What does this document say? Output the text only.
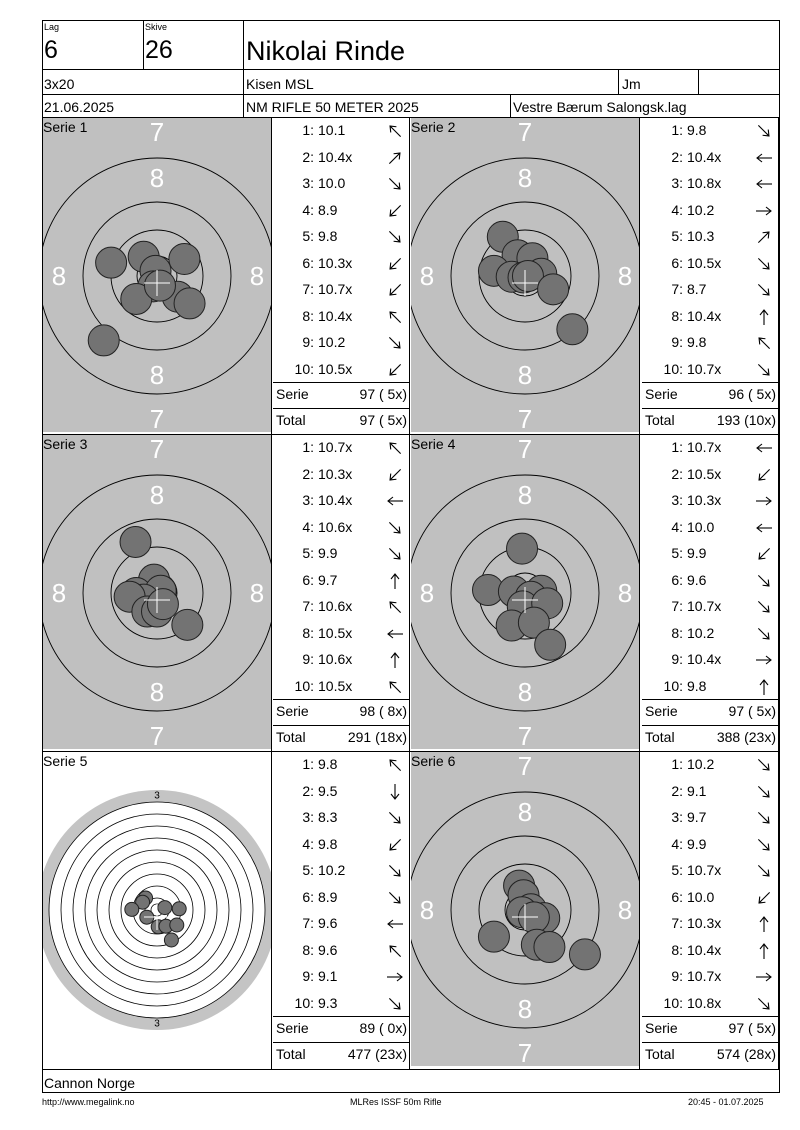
Lag
6
Skive
26	Nikolai Rinde
3x20	Kisen MSL	Jm
21.06.2025	NM RIFLE 50 METER 2025	Vestre Bærum Salongsk.lag
7
8
8	8
8
7
Serie 1	1: 10.1
2: 10.4x
3: 10.0
4: 8.9
5: 9.8
6: 10.3x
7: 10.7x
8: 10.4x
9: 10.2
10: 10.5x
Serie	97 ( 5x)
Total	97 ( 5x)
7
8
8	8
8
7
Serie 2	1: 9.8
2: 10.4x
3: 10.8x
4: 10.2
5: 10.3
6: 10.5x
7: 8.7
8: 10.4x
9: 9.8
10: 10.7x
Serie	96 ( 5x)
Total	193 (10x)
7
8
8	8
8
7
Serie 3	1: 10.7x
2: 10.3x
3: 10.4x
4: 10.6x
5: 9.9
6: 9.7
7: 10.6x
8: 10.5x
9: 10.6x
10: 10.5x
Serie	98 ( 8x)
Total	291 (18x)
7
8
8	8
8
7
Serie 4	1: 10.7x
2: 10.5x
3: 10.3x
4: 10.0
5: 9.9
6: 9.6
7: 10.7x
8: 10.2
9: 10.4x
10: 9.8
Serie	97 ( 5x)
Total	388 (23x)
3
4
5
6
7
8
8
7
6
5
4
3
5 6 7 8	8 7 6 5
Serie 5	1: 9.8
2: 9.5
3: 8.3
4: 9.8
5: 10.2
6: 8.9
7: 9.6
8: 9.6
9: 9.1
10: 9.3
Serie	89 ( 0x)
Total	477 (23x)
7
8
8	8
8
7
Serie 6	1: 10.2
2: 9.1
3: 9.7
4: 9.9
5: 10.7x
6: 10.0
7: 10.3x
8: 10.4x
9: 10.7x
10: 10.8x
Serie	97 ( 5x)
Total	574 (28x)
Cannon Norge
http://www.megalink.no	MLRes ISSF 50m Rifle	20:45 - 01.07.2025
